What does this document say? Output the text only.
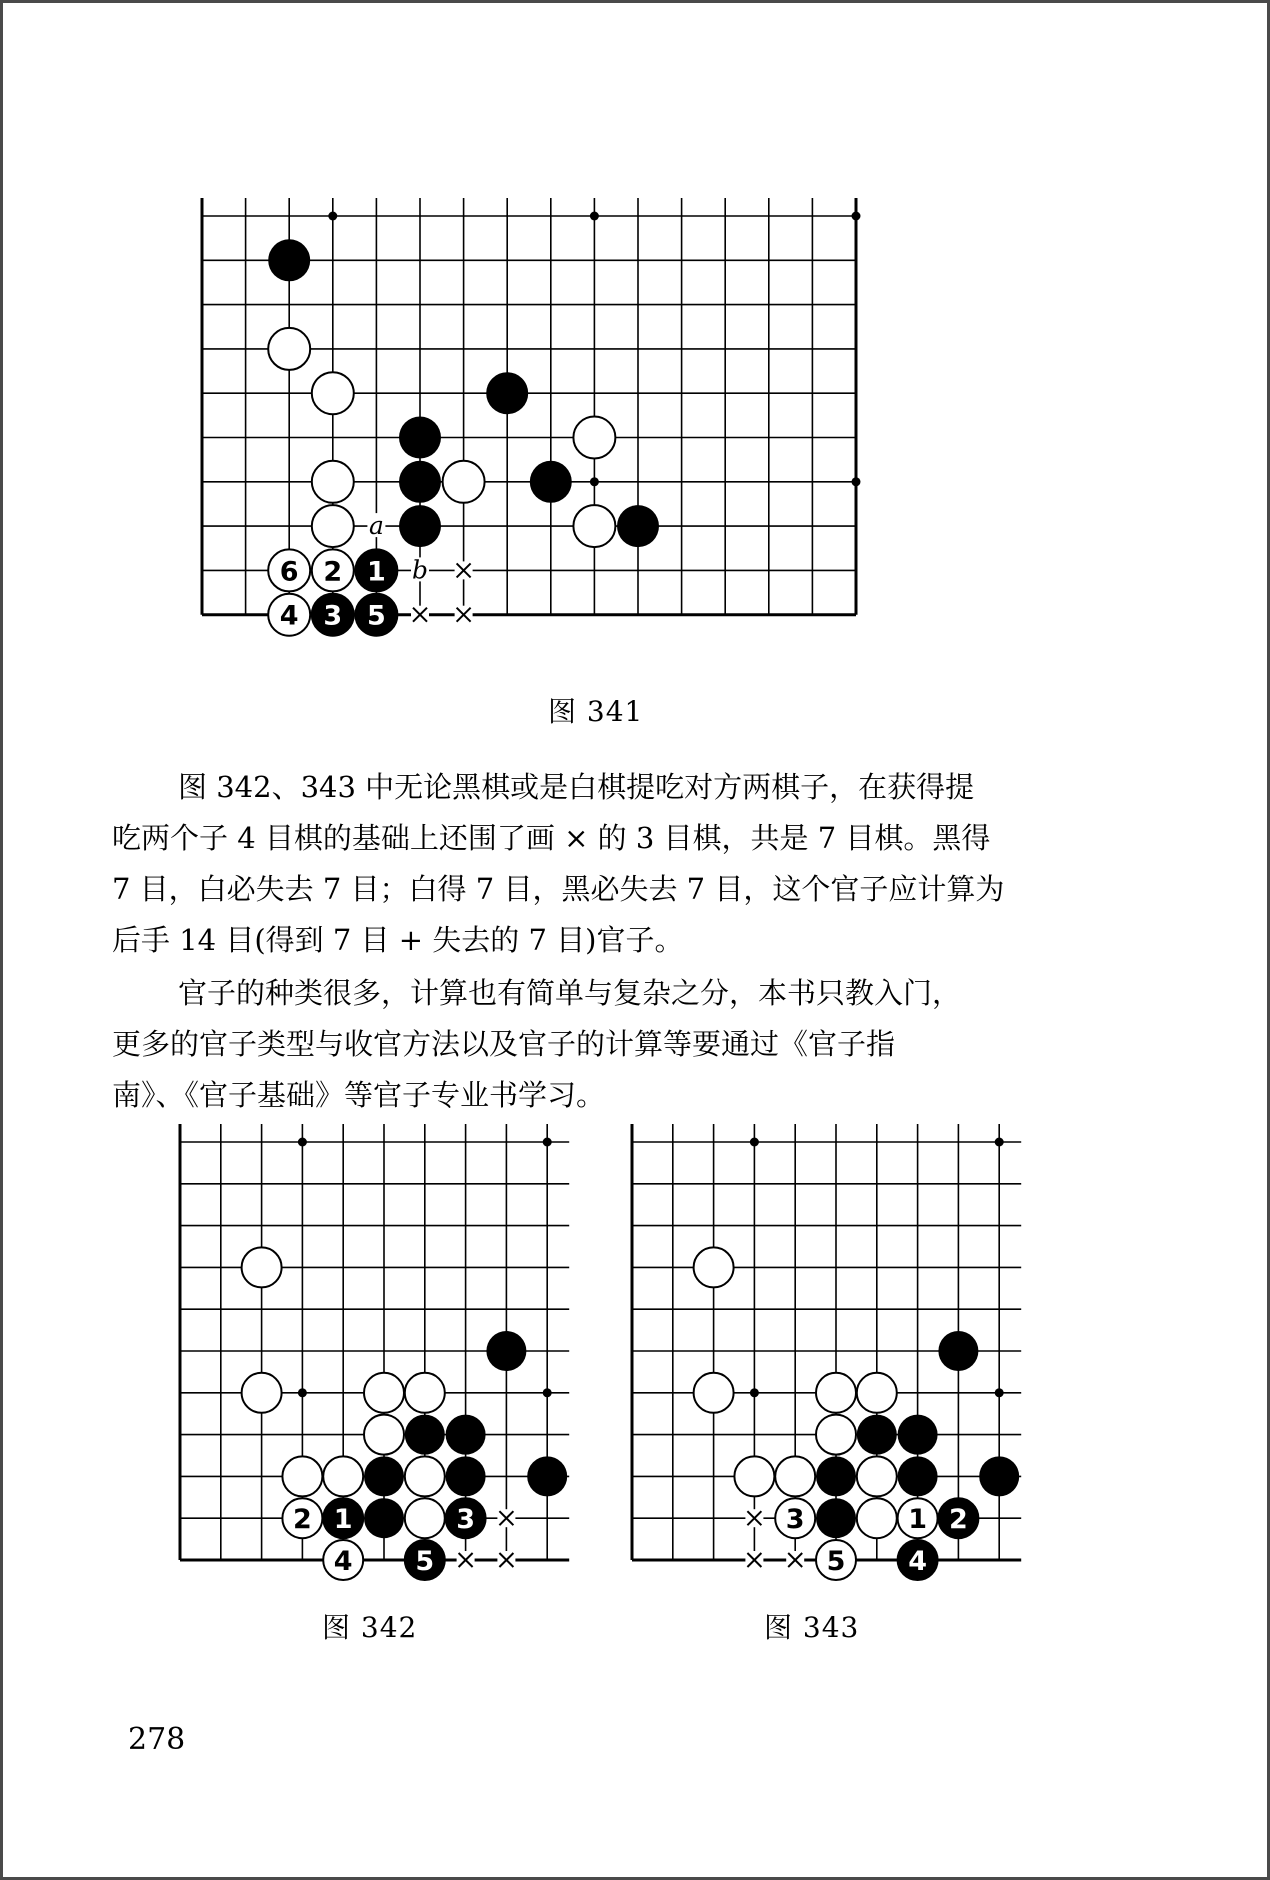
a
b
6 2 1
4 3 5
图 341
图 342、343 中无论黑棋或是白棋提吃对方两棋子，在获得提
吃两个子 4 目棋的基础上还围了画 × 的 3 目棋，共是 7 目棋。黑得
7 目，白必失去 7 目；白得 7 目，黑必失去 7 目，这个官子应计算为
后手 14 目(得到 7 目 + 失去的 7 目)官子。
官子的种类很多，计算也有简单与复杂之分，本书只教入门，
更多的官子类型与收官方法以及官子的计算等要通过《官子指
南》、《官子基础》等官子专业书学习。
2 1	3
4 5
图 342
3	1 2
5 4
图 343
278
